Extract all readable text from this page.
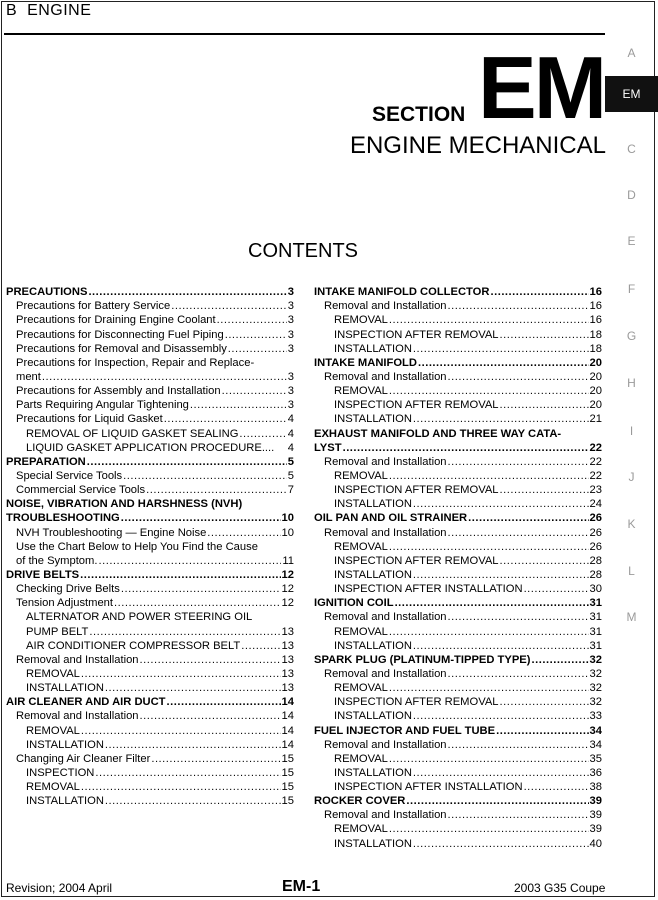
B  ENGINE
SECTION EM
ENGINE MECHANICAL
CONTENTS
A
EM
C
D
E
F
G
H
I
J
K
L
M
PRECAUTIONS . . .	3
Precautions for Battery Service . . .	3
Precautions for Draining Engine Coolant . . .	3
Precautions for Disconnecting Fuel Piping . . .	3
Precautions for Removal and Disassembly . . .	3
Precautions for Inspection, Repair and Replace-
ment . . .	3
Precautions for Assembly and Installation . . .	3
Parts Requiring Angular Tightening . . .	3
Precautions for Liquid Gasket . . .	4
REMOVAL OF LIQUID GASKET SEALING . . .	4
LIQUID GASKET APPLICATION PROCEDURE.... 4
PREPARATION . . .	5
Special Service Tools . . .	5
Commercial Service Tools . . .	7
NOISE, VIBRATION AND HARSHNESS (NVH)
TROUBLESHOOTING . . .	10
NVH Troubleshooting — Engine Noise . . .	10
Use the Chart Below to Help You Find the Cause
of the Symptom. . . .	11
DRIVE BELTS . . .	12
Checking Drive Belts . . .	12
Tension Adjustment . . .	12
ALTERNATOR AND POWER STEERING OIL
PUMP BELT . . .	13
AIR CONDITIONER COMPRESSOR BELT . . .	13
Removal and Installation . . .	13
REMOVAL . . .	13
INSTALLATION . . .	13
AIR CLEANER AND AIR DUCT . . .	14
Removal and Installation . . .	14
REMOVAL . . .	14
INSTALLATION . . .	14
Changing Air Cleaner Filter . . .	15
INSPECTION . . .	15
REMOVAL . . .	15
INSTALLATION . . .	15
INTAKE MANIFOLD COLLECTOR . . .	16
Removal and Installation . . .	16
REMOVAL . . .	16
INSPECTION AFTER REMOVAL . . .	18
INSTALLATION . . .	18
INTAKE MANIFOLD . . .	20
Removal and Installation . . .	20
REMOVAL . . .	20
INSPECTION AFTER REMOVAL . . .	20
INSTALLATION . . .	21
EXHAUST MANIFOLD AND THREE WAY CATA-
LYST . . .	22
Removal and Installation . . .	22
REMOVAL . . .	22
INSPECTION AFTER REMOVAL . . .	23
INSTALLATION . . .	24
OIL PAN AND OIL STRAINER . . .	26
Removal and Installation . . .	26
REMOVAL . . .	26
INSPECTION AFTER REMOVAL . . .	28
INSTALLATION . . .	28
INSPECTION AFTER INSTALLATION . . .	30
IGNITION COIL . . .	31
Removal and Installation . . .	31
REMOVAL . . .	31
INSTALLATION . . .	31
SPARK PLUG (PLATINUM-TIPPED TYPE) . . .	32
Removal and Installation . . .	32
REMOVAL . . .	32
INSPECTION AFTER REMOVAL . . .	32
INSTALLATION . . .	33
FUEL INJECTOR AND FUEL TUBE . . .	34
Removal and Installation . . .	34
REMOVAL . . .	35
INSTALLATION . . .	36
INSPECTION AFTER INSTALLATION . . .	38
ROCKER COVER . . .	39
Removal and Installation . . .	39
REMOVAL . . .	39
INSTALLATION . . .	40
Revision; 2004 April	EM-1	2003 G35 Coupe
